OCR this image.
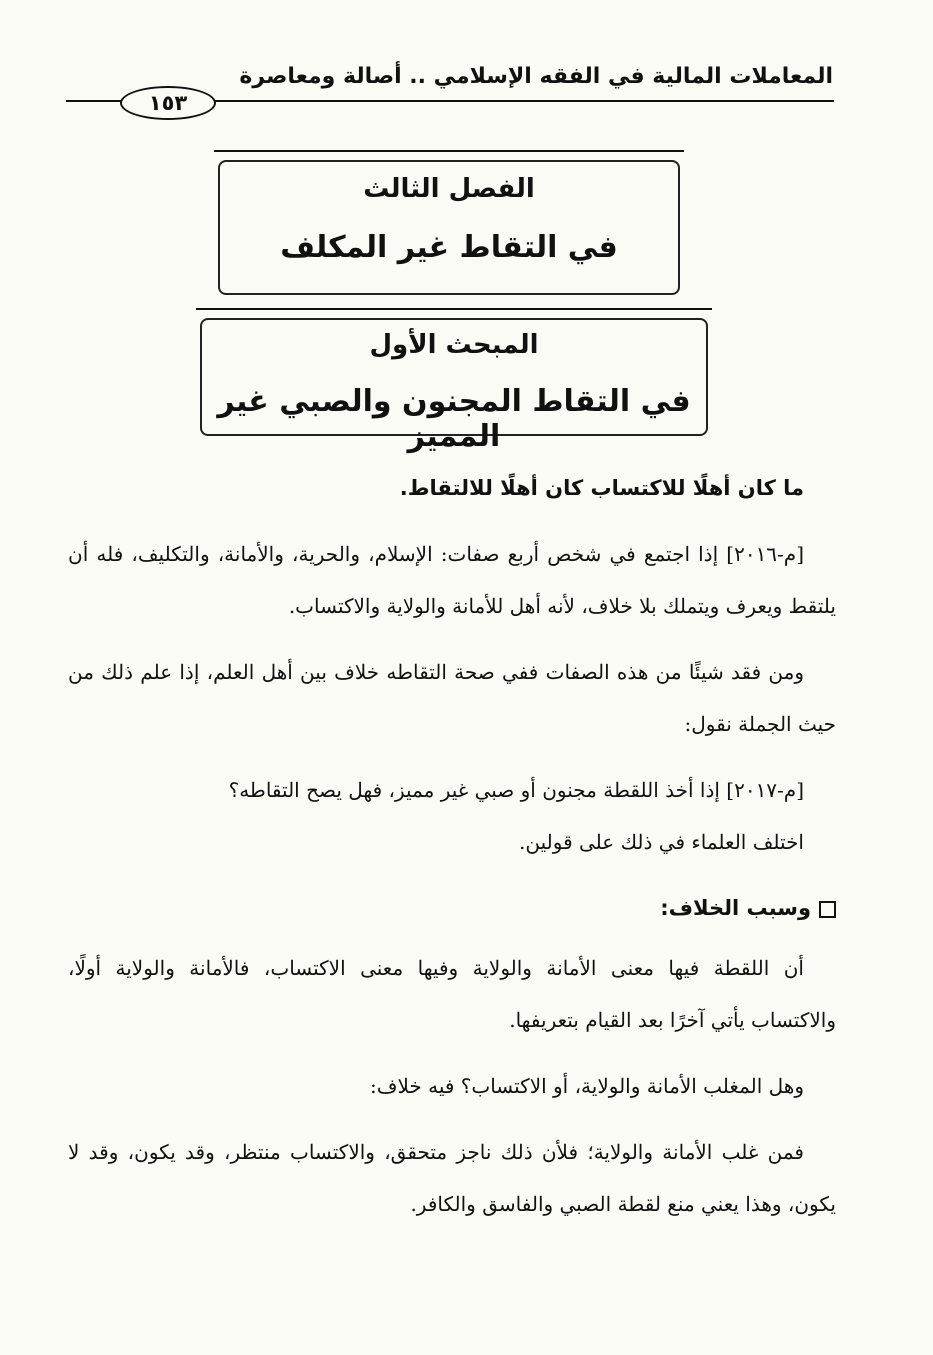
المعاملات المالية في الفقه الإسلامي .. أصالة ومعاصرة
١٥٣
الفصل الثالث
في التقاط غير المكلف
المبحث الأول
في التقاط المجنون والصبي غير المميز

ما كان أهلًا للاكتساب كان أهلًا للالتقاط.

[م-٢٠١٦] إذا اجتمع في شخص أربع صفات: الإسلام، والحرية، والأمانة، والتكليف، فله أن يلتقط ويعرف ويتملك بلا خلاف، لأنه أهل للأمانة والولاية والاكتساب.

ومن فقد شيئًا من هذه الصفات ففي صحة التقاطه خلاف بين أهل العلم، إذا علم ذلك من حيث الجملة نقول:

[م-٢٠١٧] إذا أخذ اللقطة مجنون أو صبي غير مميز، فهل يصح التقاطه؟

اختلف العلماء في ذلك على قولين.

وسبب الخلاف:

أن اللقطة فيها معنى الأمانة والولاية وفيها معنى الاكتساب، فالأمانة والولاية أولًا، والاكتساب يأتي آخرًا بعد القيام بتعريفها.

وهل المغلب الأمانة والولاية، أو الاكتساب؟ فيه خلاف:

فمن غلب الأمانة والولاية؛ فلأن ذلك ناجز متحقق، والاكتساب منتظر، وقد يكون، وقد لا يكون، وهذا يعني منع لقطة الصبي والفاسق والكافر.
